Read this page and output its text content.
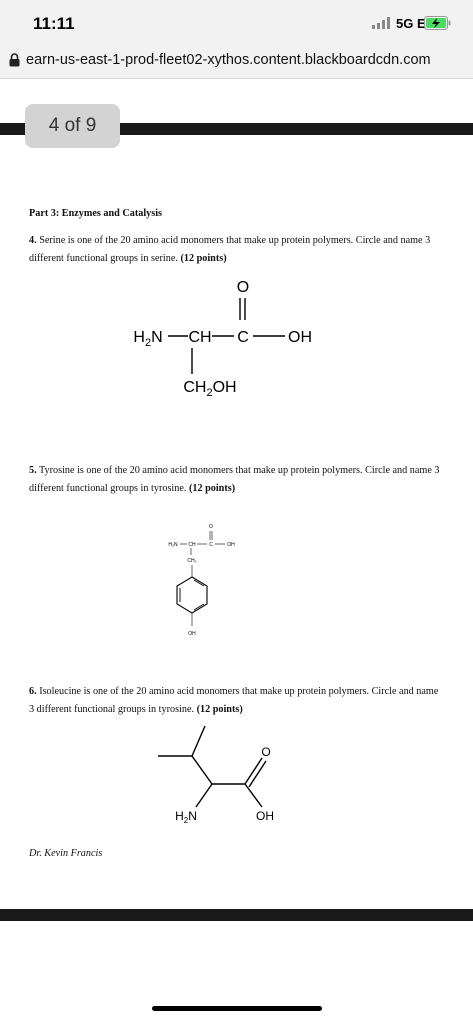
11:11	5G E
earn-us-east-1-prod-fleet02-xythos.content.blackboardcdn.com
4 of 9
Part 3: Enzymes and Catalysis
4. Serine is one of the 20 amino acid monomers that make up protein polymers. Circle and name 3 different functional groups in serine. (12 points)
$H_2N$ CH C
O
OH
$CH_2OH$
5. Tyrosine is one of the 20 amino acid monomers that make up protein polymers. Circle and name 3 different functional groups in tyrosine. (12 points)
H₂N CH	C
O
OH
CH₂
OH
6. Isoleucine is one of the 20 amino acid monomers that make up protein polymers. Circle and name 3 different functional groups in tyrosine. (12 points)
O
$H_2N$	OH
Dr. Kevin Francis
